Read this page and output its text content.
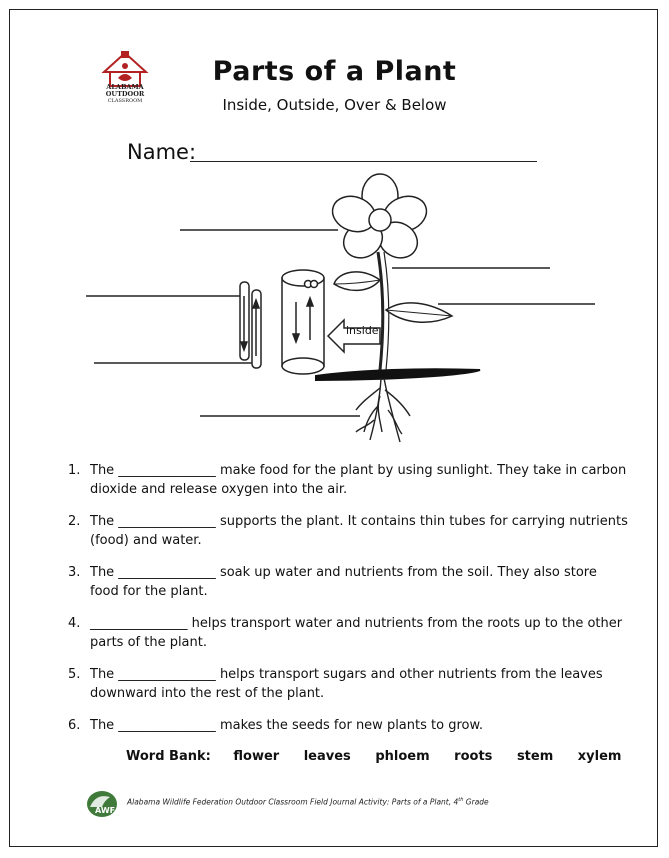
ALABAMA
OUTDOOR
CLASSROOM
Parts of a Plant
Inside, Outside, Over & Below
Name:
inside
1. The _______________ make food for the plant by using sunlight. They take in carbon dioxide and release oxygen into the air.
2. The _______________ supports the plant. It contains thin tubes for carrying nutrients (food) and water.
3. The _______________ soak up water and nutrients from the soil. They also store food for the plant.
4. _______________ helps transport water and nutrients from the roots up to the other parts of the plant.
5. The _______________ helps transport sugars and other nutrients from the leaves downward into the rest of the plant.
6. The _______________ makes the seeds for new plants to grow.
Word Bank: flower leaves phloem roots stem xylem
AWF
Alabama Wildlife Federation Outdoor Classroom Field Journal Activity: Parts of a Plant, 4th Grade
